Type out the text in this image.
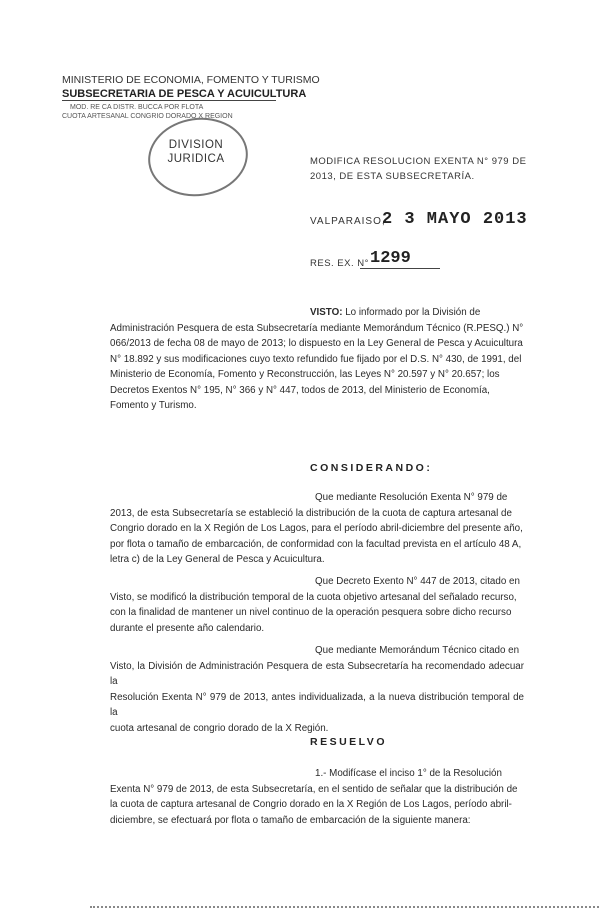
MINISTERIO DE ECONOMIA, FOMENTO Y TURISMO
SUBSECRETARIA DE PESCA Y ACUICULTURA
MOD. RE CA DISTR. BUCCA POR FLOTA
CUOTA ARTESANAL CONGRIO DORADO X REGION
DIVISION
JURIDICA	MODIFICA RESOLUCION EXENTA N° 979 DE
2013, DE ESTA SUBSECRETARÍA.
VALPARAISO,
2 3 MAYO 2013
RES. EX. N° 1299
VISTO: Lo informado por la División de
Administración Pesquera de esta Subsecretaría mediante Memorándum Técnico (R.PESQ.) N°
066/2013 de fecha 08 de mayo de 2013; lo dispuesto en la Ley General de Pesca y Acuicultura
N° 18.892 y sus modificaciones cuyo texto refundido fue fijado por el D.S. N° 430, de 1991, del
Ministerio de Economía, Fomento y Reconstrucción, las Leyes N° 20.597 y N° 20.657; los
Decretos Exentos N° 195, N° 366 y N° 447, todos de 2013, del Ministerio de Economía,
Fomento y Turismo.
CONSIDERANDO:
Que mediante Resolución Exenta N° 979 de
2013, de esta Subsecretaría se estableció la distribución de la cuota de captura artesanal de
Congrio dorado en la X Región de Los Lagos, para el período abril-diciembre del presente año,
por flota o tamaño de embarcación, de conformidad con la facultad prevista en el artículo 48 A,
letra c) de la Ley General de Pesca y Acuicultura.
Que Decreto Exento N° 447 de 2013, citado en
Visto, se modificó la distribución temporal de la cuota objetivo artesanal del señalado recurso,
con la finalidad de mantener un nivel continuo de la operación pesquera sobre dicho recurso
durante el presente año calendario.
Que mediante Memorándum Técnico citado en
Visto, la División de Administración Pesquera de esta Subsecretaría ha recomendado adecuar la
Resolución Exenta N° 979 de 2013, antes individualizada, a la nueva distribución temporal de la
cuota artesanal de congrio dorado de la X Región.
RESUELVO
1.- Modifícase el inciso 1° de la Resolución
Exenta N° 979 de 2013, de esta Subsecretaría, en el sentido de señalar que la distribución de
la cuota de captura artesanal de Congrio dorado en la X Región de Los Lagos, período abril-
diciembre, se efectuará por flota o tamaño de embarcación de la siguiente manera:
